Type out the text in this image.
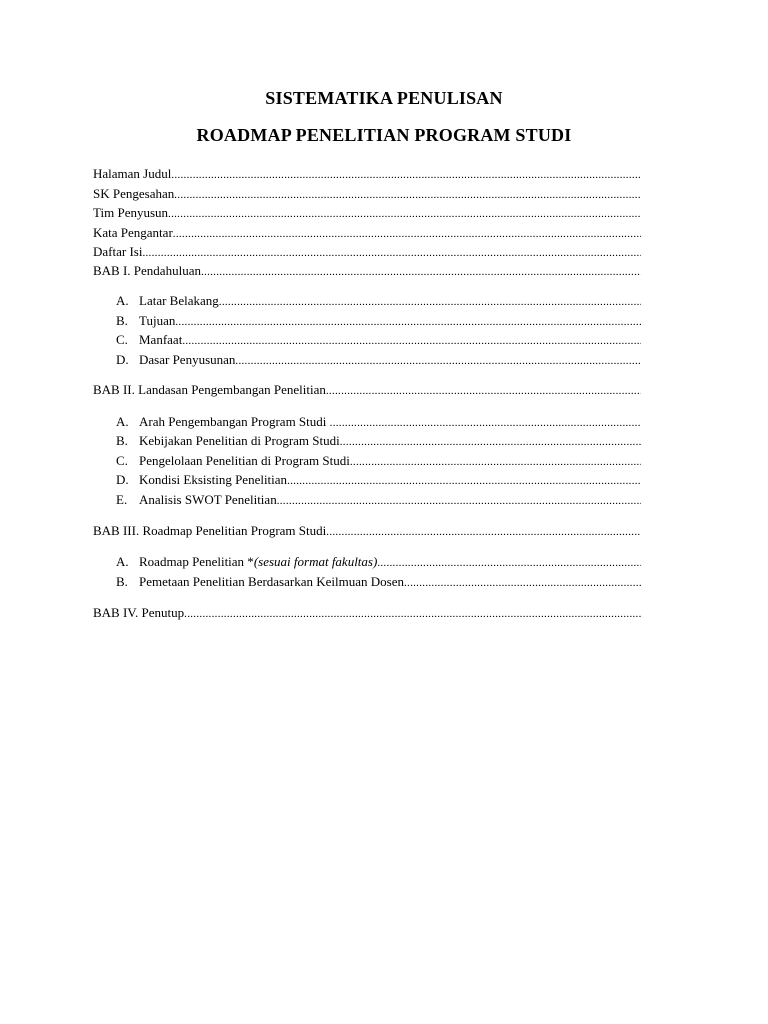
SISTEMATIKA PENULISAN
ROADMAP PENELITIAN PROGRAM STUDI
Halaman Judul
.....
SK Pengesahan
.....
Tim Penyusun
.....
Kata Pengantar
.....
Daftar Isi
.....
BAB I. Pendahuluan
.....
A. Latar Belakang
.....
B. Tujuan
.....
C. Manfaat
.....
D. Dasar Penyusunan
.....
BAB II. Landasan Pengembangan Penelitian
.....
A. Arah Pengembangan Program Studi
.....
B. Kebijakan Penelitian di Program Studi
.....
C. Pengelolaan Penelitian di Program Studi
.....
D. Kondisi Eksisting Penelitian
.....
E. Analisis SWOT Penelitian
.....
BAB III. Roadmap Penelitian Program Studi
.....
A. Roadmap Penelitian * (sesuai format fakultas)
.....
B. Pemetaan Penelitian Berdasarkan Keilmuan Dosen
.....
BAB IV. Penutup
.....
